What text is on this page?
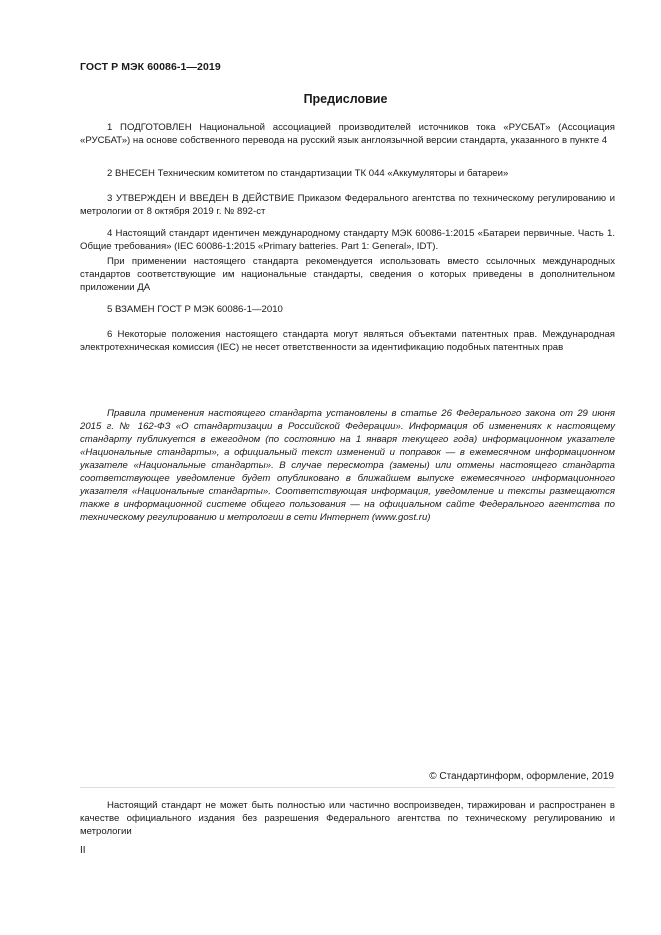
ГОСТ Р МЭК 60086-1—2019
Предисловие

1 ПОДГОТОВЛЕН Национальной ассоциацией производителей источников тока «РУСБАТ» (Ассоциация «РУСБАТ») на основе собственного перевода на русский язык англоязычной версии стандарта, указанного в пункте 4

2 ВНЕСЕН Техническим комитетом по стандартизации ТК 044 «Аккумуляторы и батареи»

3 УТВЕРЖДЕН И ВВЕДЕН В ДЕЙСТВИЕ Приказом Федерального агентства по техническому регулированию и метрологии от 8 октября 2019 г. № 892-ст

4 Настоящий стандарт идентичен международному стандарту МЭК 60086-1:2015 «Батареи первичные. Часть 1. Общие требования» (IEC 60086-1:2015 «Primary batteries. Part 1: General», IDT).

При применении настоящего стандарта рекомендуется использовать вместо ссылочных международных стандартов соответствующие им национальные стандарты, сведения о которых приведены в дополнительном приложении ДА

5 ВЗАМЕН ГОСТ Р МЭК 60086-1—2010

6 Некоторые положения настоящего стандарта могут являться объектами патентных прав. Международная электротехническая комиссия (IEC) не несет ответственности за идентификацию подобных патентных прав

Правила применения настоящего стандарта установлены в статье 26 Федерального закона от 29 июня 2015 г. № 162-ФЗ «О стандартизации в Российской Федерации». Информация об изменениях к настоящему стандарту публикуется в ежегодном (по состоянию на 1 января текущего года) информационном указателе «Национальные стандарты», а официальный текст изменений и поправок — в ежемесячном информационном указателе «Национальные стандарты». В случае пересмотра (замены) или отмены настоящего стандарта соответствующее уведомление будет опубликовано в ближайшем выпуске ежемесячного информационного указателя «Национальные стандарты». Соответствующая информация, уведомление и тексты размещаются также в информационной системе общего пользования — на официальном сайте Федерального агентства по техническому регулированию и метрологии в сети Интернет (www.gost.ru)

© Стандартинформ, оформление, 2019

Настоящий стандарт не может быть полностью или частично воспроизведен, тиражирован и распространен в качестве официального издания без разрешения Федерального агентства по техническому регулированию и метрологии

II
